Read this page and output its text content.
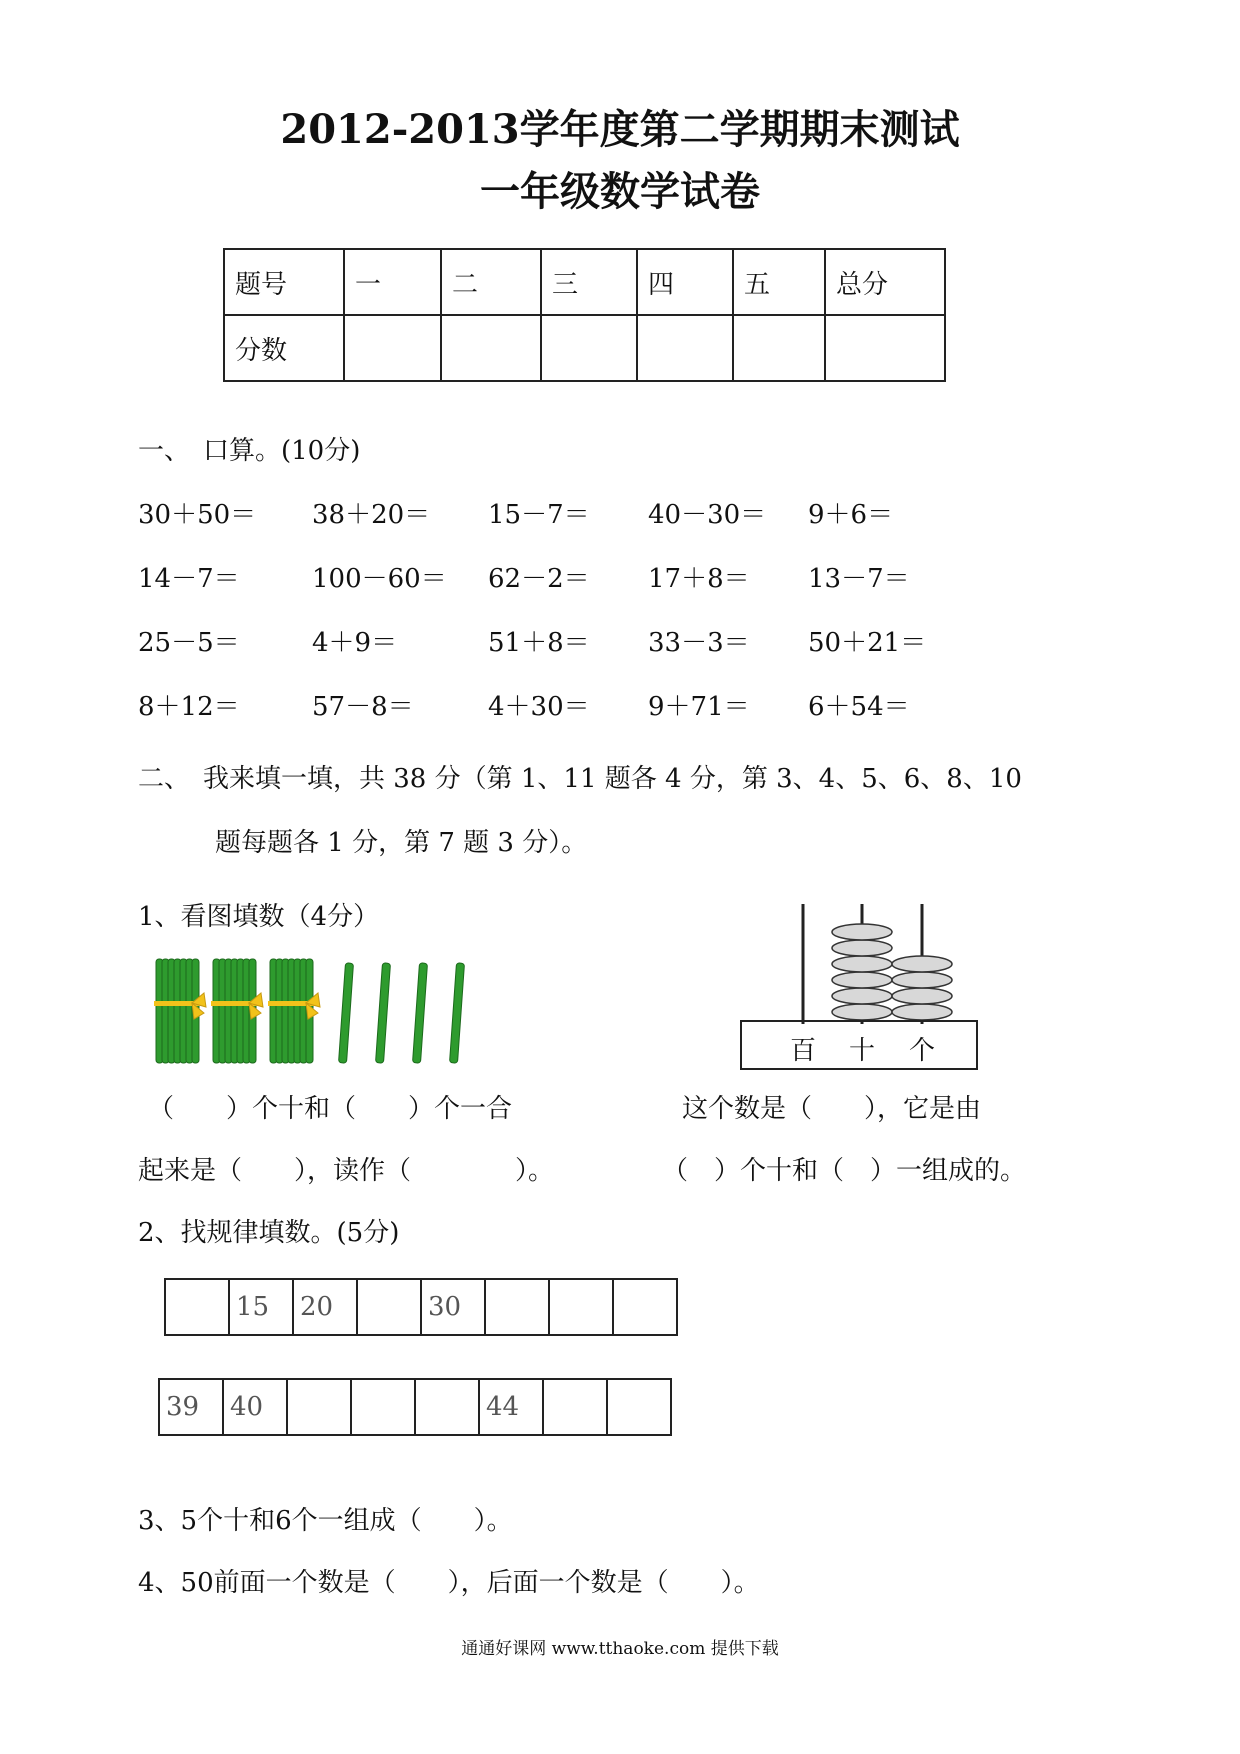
2012-2013学年度第二学期期末测试
一年级数学试卷
题号	一	二	三	四	五	总分
分数						
一、　口算。(10分)
30＋50＝ 38＋20＝ 15－7＝ 40－30＝ 9＋6＝
14－7＝	100－60＝ 62－2＝ 17＋8＝ 13－7＝
25－5＝	4＋9＝	51＋8＝ 33－3＝ 50＋21＝
8＋12＝	57－8＝	4＋30＝ 9＋71＝ 6＋54＝
二、　我来填一填，共 38 分（第 1、11 题各 4 分，第 3、4、5、6、8、10
题每题各 1 分，第 7 题 3 分）。
1、看图填数（4分）
（　　）个十和（　　）个一合
起来是（　　），读作（　　　　）。
百 十 个
这个数是（　　），它是由
（　）个十和（　）一组成的。
2、找规律填数。(5分)
	15	20		30			
39	40				44		
3、5个十和6个一组成（　　）。
4、50前面一个数是（　　），后面一个数是（　　）。
通通好课网 www.tthaoke.com 提供下载
